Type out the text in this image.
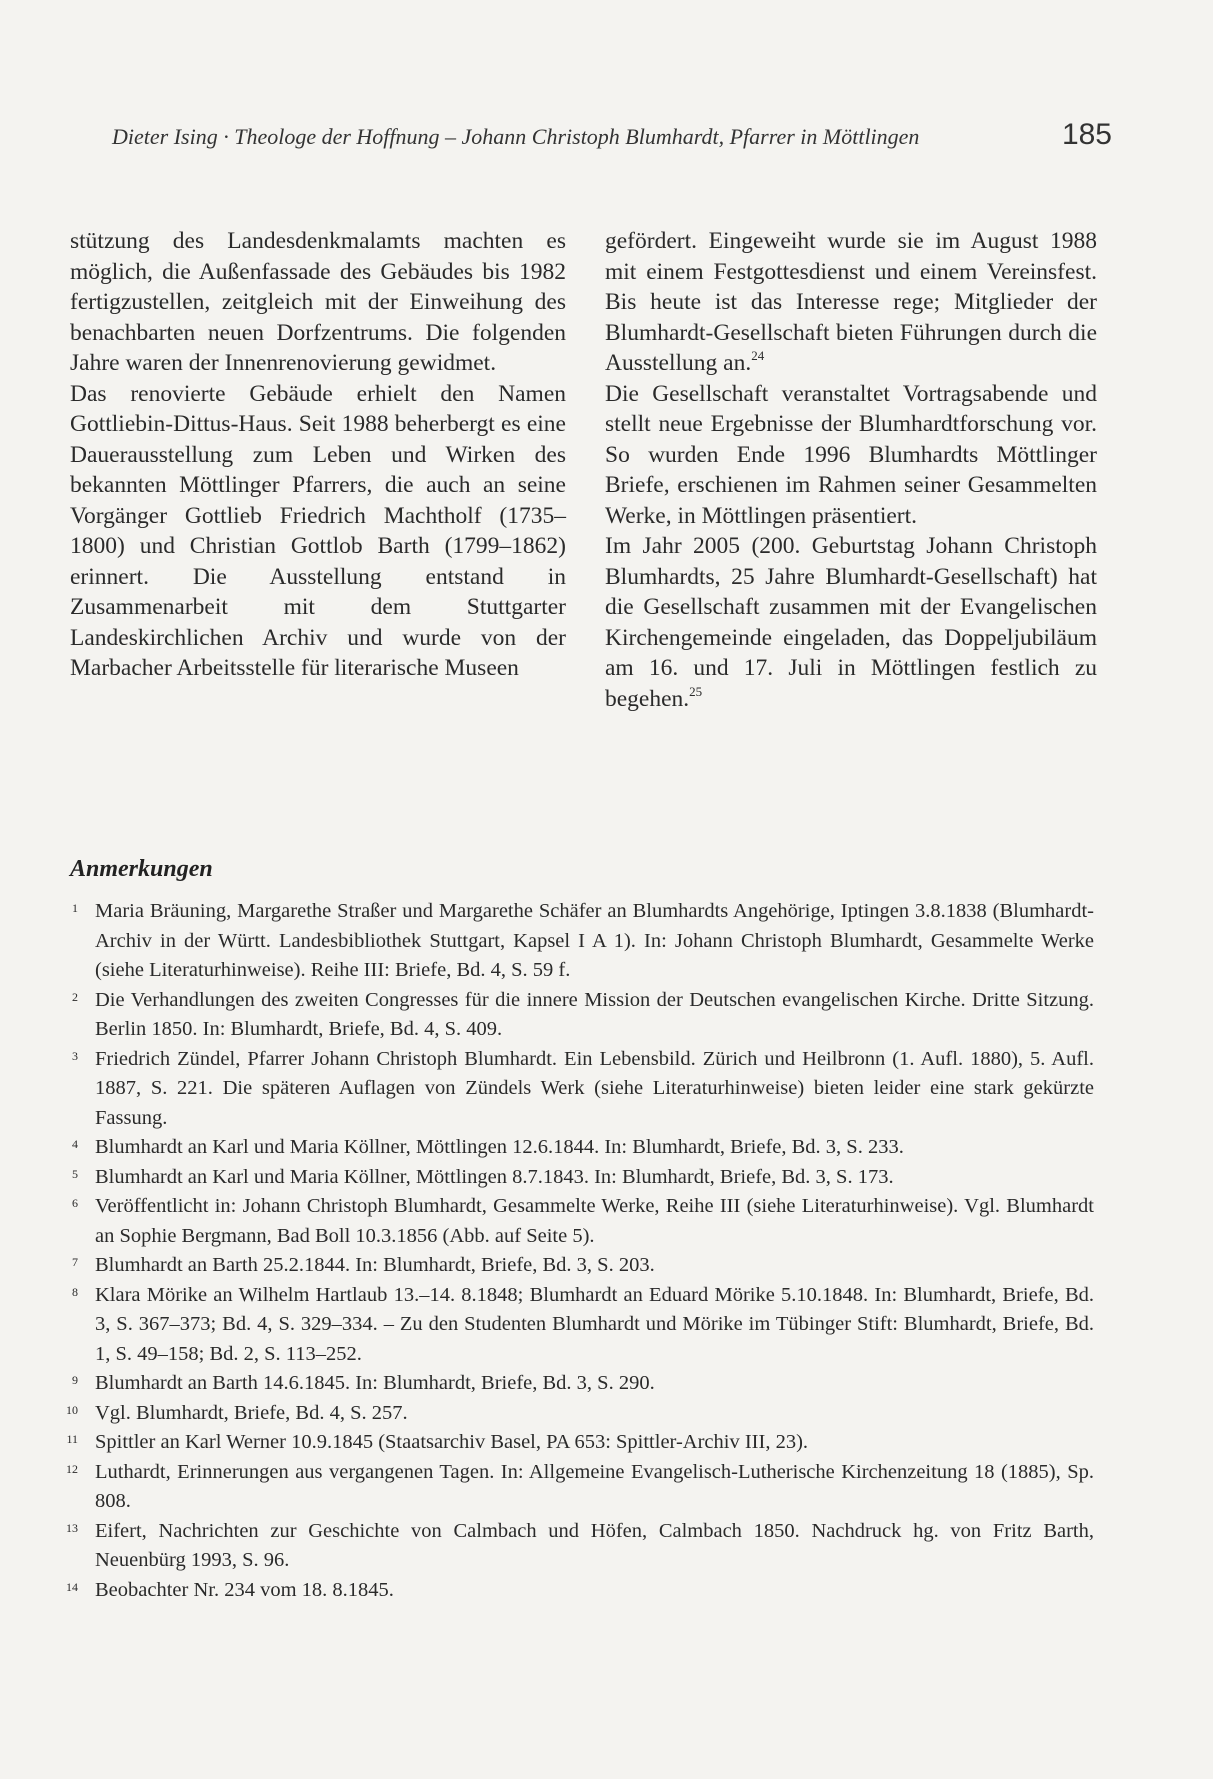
Dieter Ising · Theologe der Hoffnung – Johann Christoph Blumhardt, Pfarrer in Möttlingen	185

stützung des Landesdenkmalamts machten es möglich, die Außenfassade des Gebäudes bis 1982 fertigzustellen, zeitgleich mit der Einweihung des benachbarten neuen Dorfzentrums. Die folgenden Jahre waren der Innenrenovierung gewidmet.

Das renovierte Gebäude erhielt den Namen Gottliebin-Dittus-Haus. Seit 1988 beherbergt es eine Dauerausstellung zum Leben und Wirken des bekannten Möttlinger Pfarrers, die auch an seine Vorgänger Gottlieb Friedrich Machtholf (1735–1800) und Christian Gottlob Barth (1799–1862) erinnert. Die Ausstellung entstand in Zusammenarbeit mit dem Stuttgarter Landeskirchlichen Archiv und wurde von der Marbacher Arbeitsstelle für literarische Museen

gefördert. Eingeweiht wurde sie im August 1988 mit einem Festgottesdienst und einem Vereinsfest. Bis heute ist das Interesse rege; Mitglieder der Blumhardt-Gesellschaft bieten Führungen durch die Ausstellung an.$^{24}$

Die Gesellschaft veranstaltet Vortragsabende und stellt neue Ergebnisse der Blumhardtforschung vor. So wurden Ende 1996 Blumhardts Möttlinger Briefe, erschienen im Rahmen seiner Gesammelten Werke, in Möttlingen präsentiert.

Im Jahr 2005 (200. Geburtstag Johann Christoph Blumhardts, 25 Jahre Blumhardt-Gesellschaft) hat die Gesellschaft zusammen mit der Evangelischen Kirchengemeinde eingeladen, das Doppeljubiläum am 16. und 17. Juli in Möttlingen festlich zu begehen.$^{25}$

Anmerkungen
1 Maria Bräuning, Margarethe Straßer und Margarethe Schäfer an Blumhardts Angehörige, Iptingen 3.8.1838 (Blumhardt-Archiv in der Württ. Landesbibliothek Stuttgart, Kapsel I A 1). In: Johann Christoph Blumhardt, Gesammelte Werke (siehe Literaturhinweise). Reihe III: Briefe, Bd. 4, S. 59 f.
2 Die Verhandlungen des zweiten Congresses für die innere Mission der Deutschen evangelischen Kirche. Dritte Sitzung. Berlin 1850. In: Blumhardt, Briefe, Bd. 4, S. 409.
3 Friedrich Zündel, Pfarrer Johann Christoph Blumhardt. Ein Lebensbild. Zürich und Heilbronn (1. Aufl. 1880), 5. Aufl. 1887, S. 221. Die späteren Auflagen von Zündels Werk (siehe Literaturhinweise) bieten leider eine stark gekürzte Fassung.
4 Blumhardt an Karl und Maria Köllner, Möttlingen 12.6.1844. In: Blumhardt, Briefe, Bd. 3, S. 233.
5 Blumhardt an Karl und Maria Köllner, Möttlingen 8.7.1843. In: Blumhardt, Briefe, Bd. 3, S. 173.
6 Veröffentlicht in: Johann Christoph Blumhardt, Gesammelte Werke, Reihe III (siehe Literaturhinweise). Vgl. Blumhardt an Sophie Bergmann, Bad Boll 10.3.1856 (Abb. auf Seite 5).
7 Blumhardt an Barth 25.2.1844. In: Blumhardt, Briefe, Bd. 3, S. 203.
8 Klara Mörike an Wilhelm Hartlaub 13.–14. 8.1848; Blumhardt an Eduard Mörike 5.10.1848. In: Blumhardt, Briefe, Bd. 3, S. 367–373; Bd. 4, S. 329–334. – Zu den Studenten Blumhardt und Mörike im Tübinger Stift: Blumhardt, Briefe, Bd. 1, S. 49–158; Bd. 2, S. 113–252.
9 Blumhardt an Barth 14.6.1845. In: Blumhardt, Briefe, Bd. 3, S. 290.
10 Vgl. Blumhardt, Briefe, Bd. 4, S. 257.
11 Spittler an Karl Werner 10.9.1845 (Staatsarchiv Basel, PA 653: Spittler-Archiv III, 23).
12 Luthardt, Erinnerungen aus vergangenen Tagen. In: Allgemeine Evangelisch-Lutherische Kirchenzeitung 18 (1885), Sp. 808.
13 Eifert, Nachrichten zur Geschichte von Calmbach und Höfen, Calmbach 1850. Nachdruck hg. von Fritz Barth, Neuenbürg 1993, S. 96.
14 Beobachter Nr. 234 vom 18. 8.1845.
